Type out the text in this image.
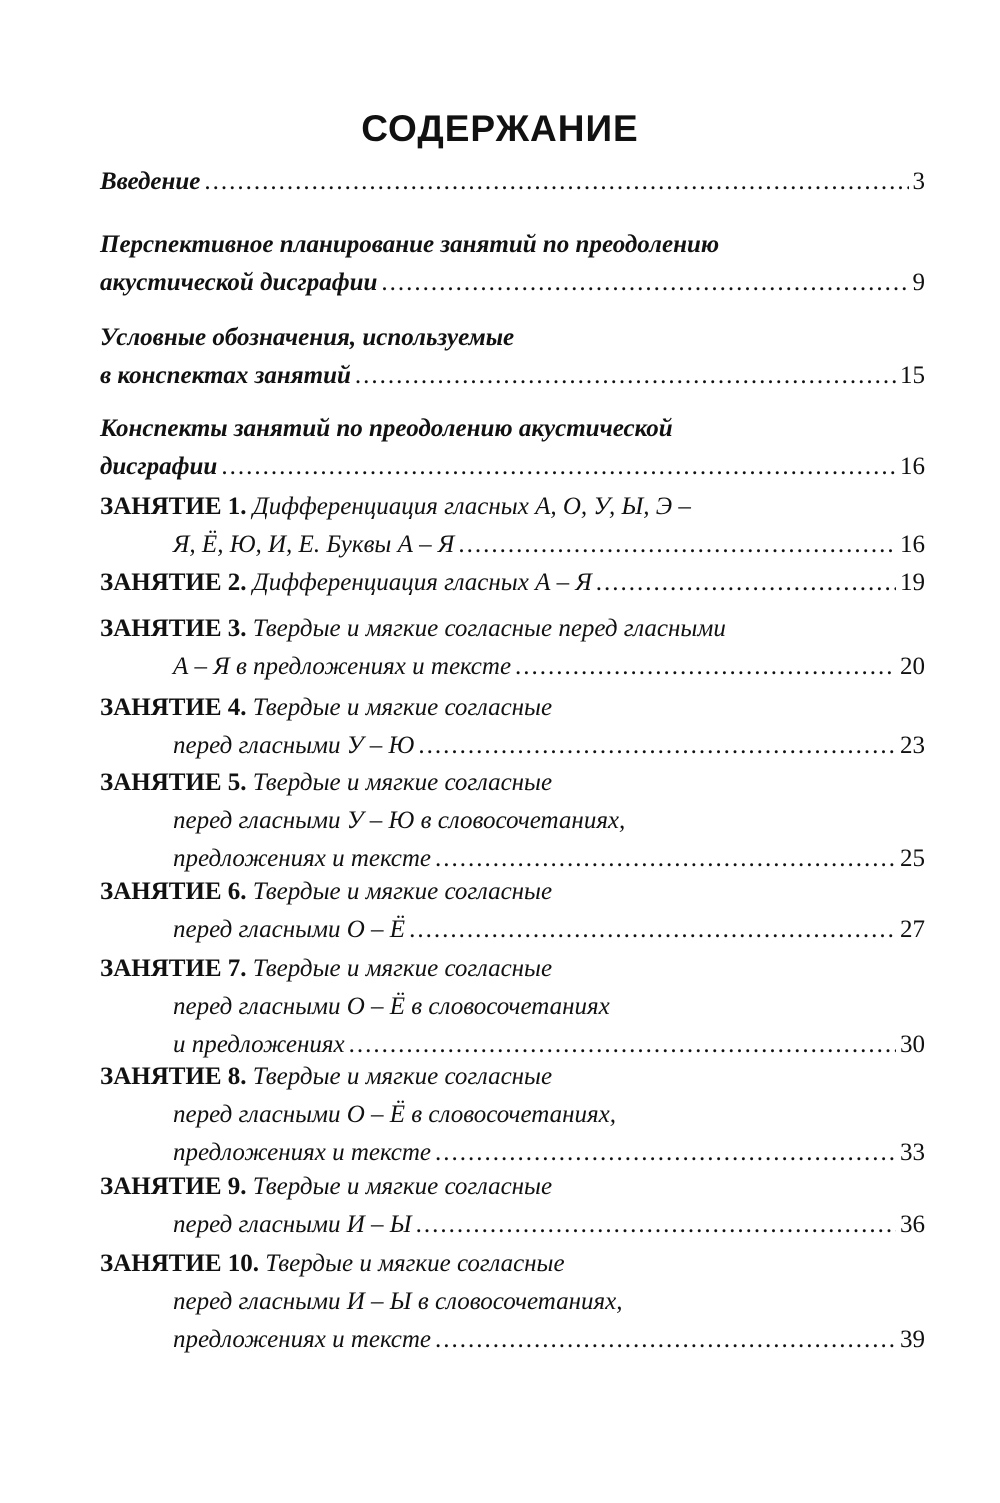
СОДЕРЖАНИЕ
Введение .....	3
Перспективное планирование занятий по преодолению
акустической дисграфии .....	9
Условные обозначения, используемые
в конспектах занятий .....	15
Конспекты занятий по преодолению акустической
дисграфии .....	16
ЗАНЯТИЕ 1. Дифференциация гласных А, О, У, Ы, Э –
Я, Ё, Ю, И, Е. Буквы А – Я .....	16
ЗАНЯТИЕ 2. Дифференциация гласных А – Я .....	19
ЗАНЯТИЕ 3. Твердые и мягкие согласные перед гласными
А – Я в предложениях и тексте .....	20
ЗАНЯТИЕ 4. Твердые и мягкие согласные
перед гласными У – Ю .....	23
ЗАНЯТИЕ 5. Твердые и мягкие согласные
перед гласными У – Ю в словосочетаниях,
предложениях и тексте .....	25
ЗАНЯТИЕ 6. Твердые и мягкие согласные
перед гласными О – Ё .....	27
ЗАНЯТИЕ 7. Твердые и мягкие согласные
перед гласными О – Ё в словосочетаниях
и предложениях .....	30
ЗАНЯТИЕ 8. Твердые и мягкие согласные
перед гласными О – Ё в словосочетаниях,
предложениях и тексте .....	33
ЗАНЯТИЕ 9. Твердые и мягкие согласные
перед гласными И – Ы .....	36
ЗАНЯТИЕ 10. Твердые и мягкие согласные
перед гласными И – Ы в словосочетаниях,
предложениях и тексте .....	39
